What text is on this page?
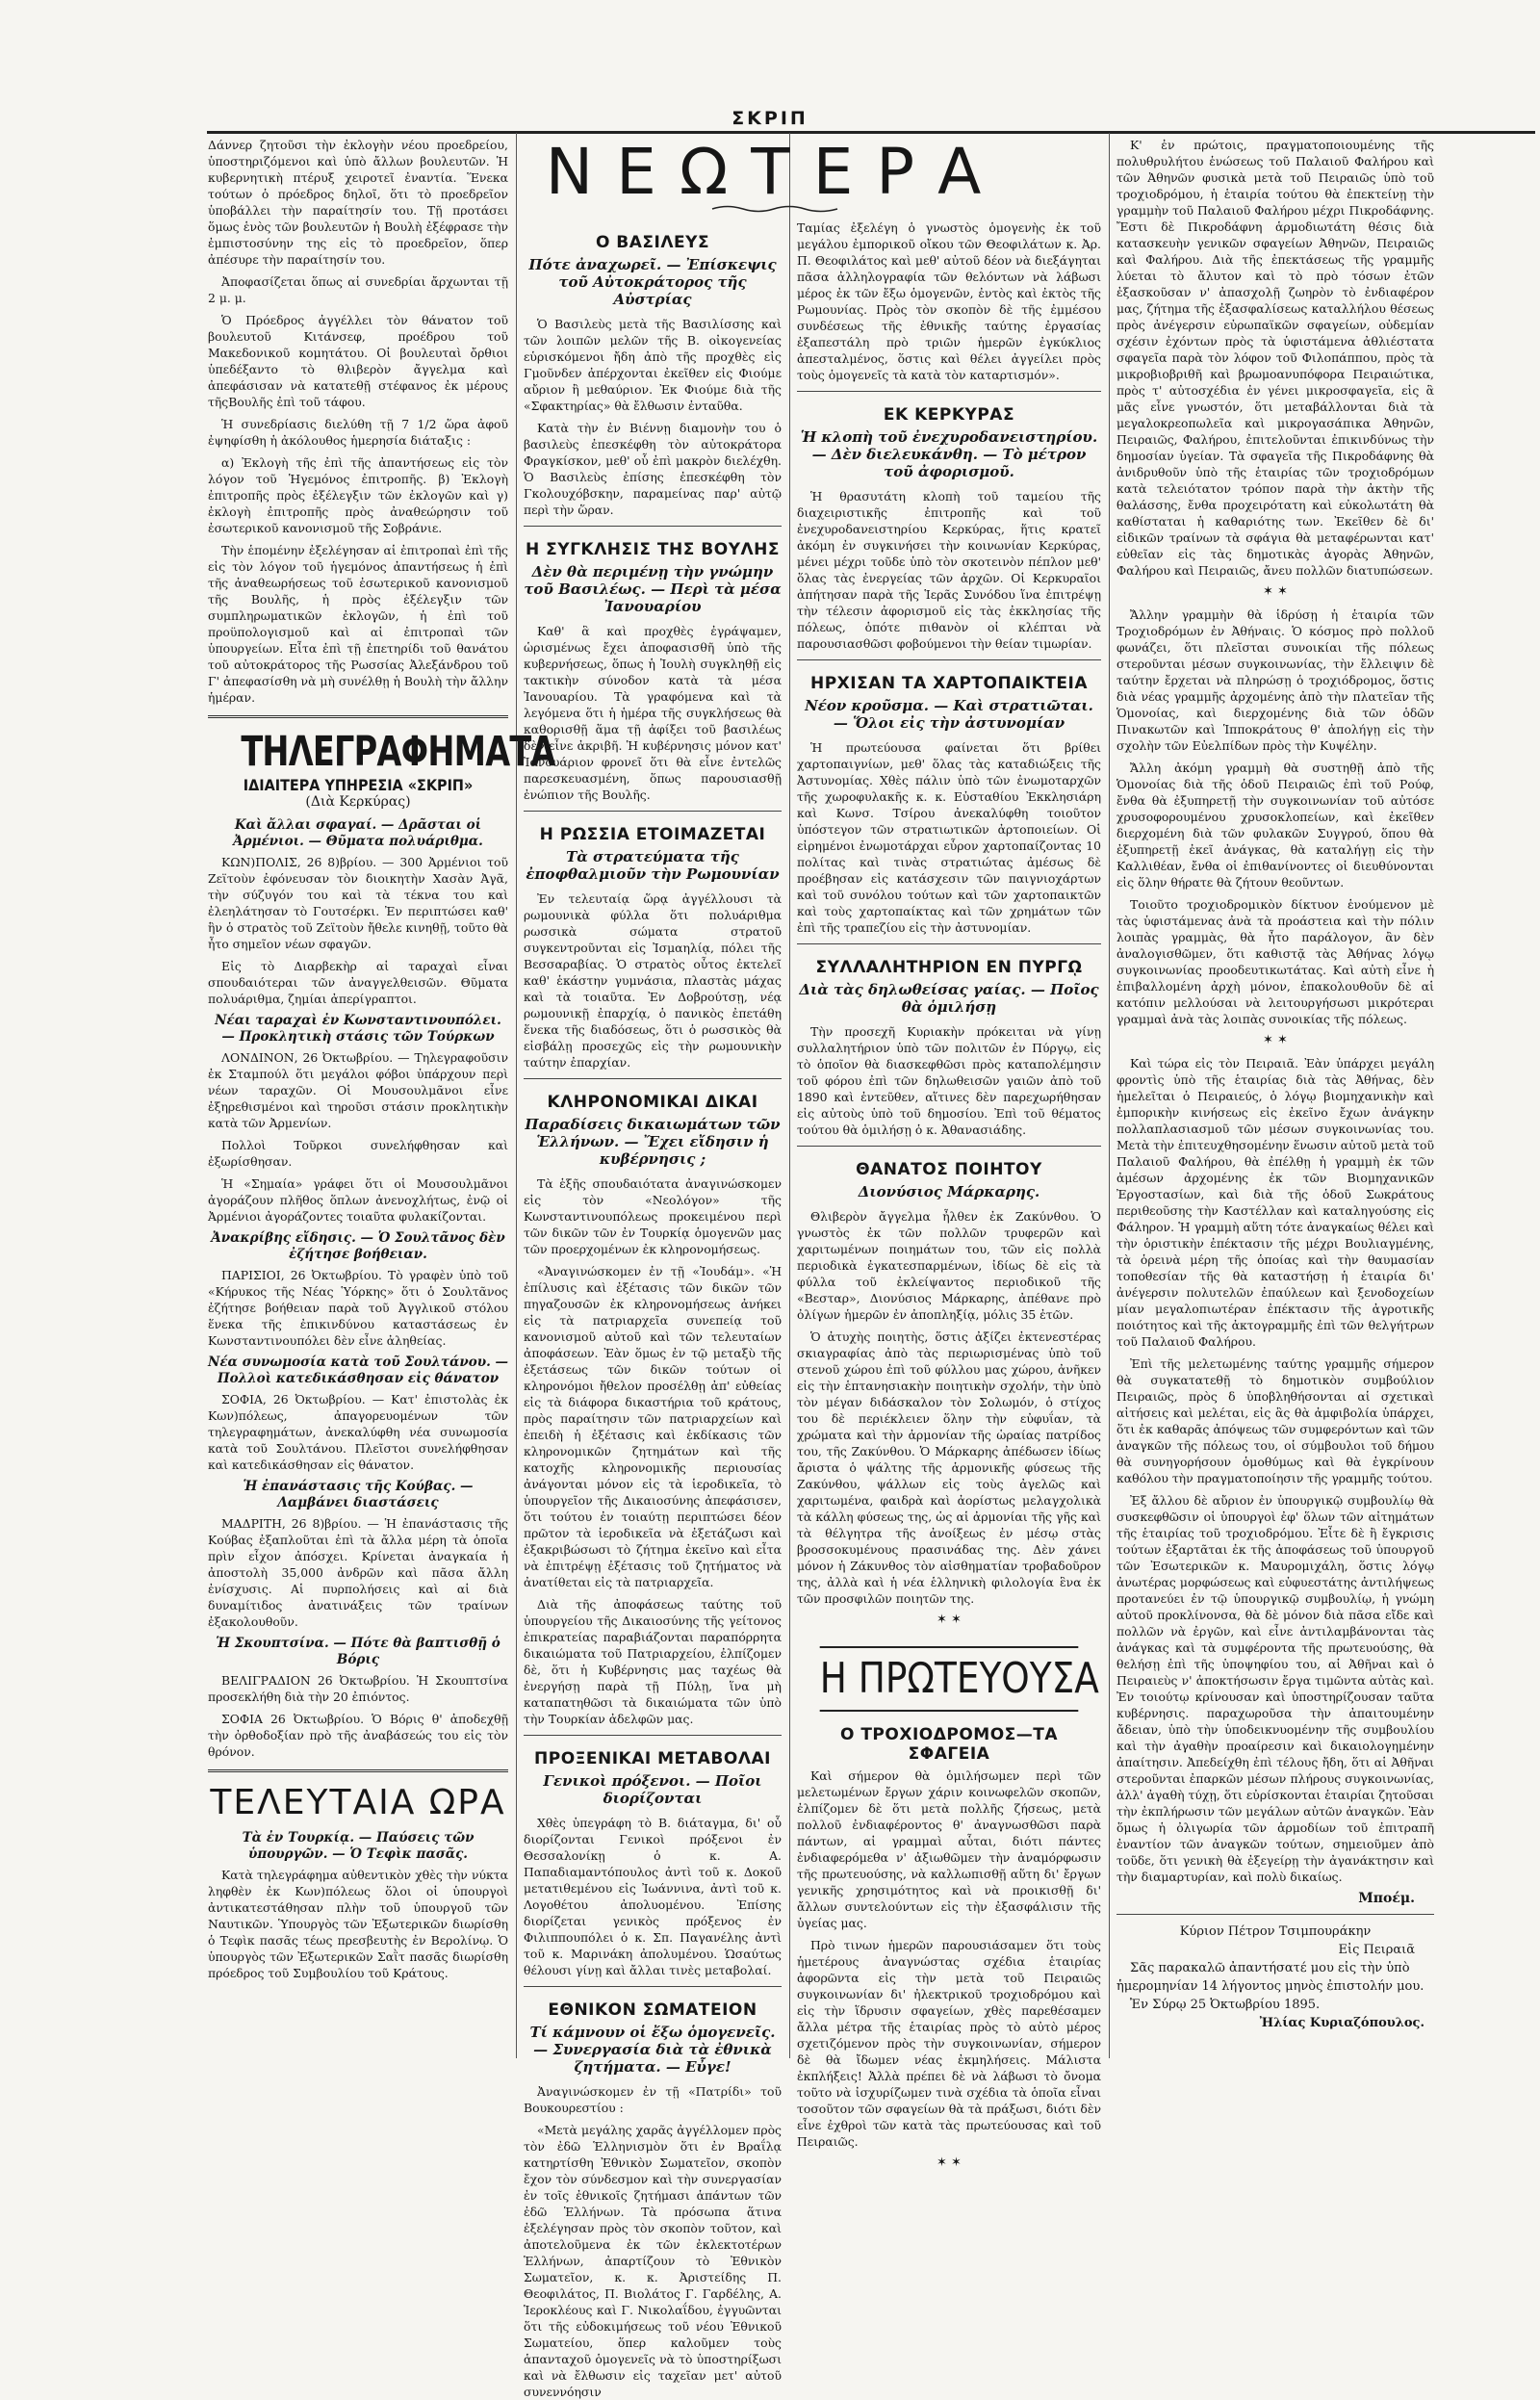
ΣΚΡΙΠ
ΝΕΩΤΕΡΑ

Δάννερ ζητοῦσι τὴν ἐκλογὴν νέου προεδρείου, ὑποστηριζόμενοι καὶ ὑπὸ ἄλλων βουλευτῶν. Ἡ κυβερνητικὴ πτέρυξ χειροτεῖ ἐναντία. Ἕνεκα τούτων ὁ πρόεδρος δηλοῖ, ὅτι τὸ προεδρεῖον ὑποβάλλει τὴν παραίτησίν του. Τῇ προτάσει ὅμως ἑνὸς τῶν βουλευτῶν ἡ Βουλὴ ἐξέφρασε τὴν ἐμπιστοσύνην της εἰς τὸ προεδρεῖον, ὅπερ ἀπέσυρε τὴν παραίτησίν του.

Ἀποφασίζεται ὅπως αἱ συνεδρίαι ἄρχωνται τῇ 2 μ. μ.

Ὁ Πρόεδρος ἀγγέλλει τὸν θάνατον τοῦ βουλευτοῦ Κιτάνσεφ, προέδρου τοῦ Μακεδονικοῦ κομητάτου. Οἱ βουλευταὶ ὄρθιοι ὑπεδέξαντο τὸ θλιβερὸν ἄγγελμα καὶ ἀπεφάσισαν νὰ κατατεθῇ στέφανος ἐκ μέρους τῆςΒουλῆς ἐπὶ τοῦ τάφου.

Ἡ συνεδρίασις διελύθη τῇ 7 1/2 ὥρα ἀφοῦ ἐψηφίσθη ἡ ἀκόλουθος ἡμερησία διάταξις :

α) Ἐκλογὴ τῆς ἐπὶ τῆς ἀπαντήσεως εἰς τὸν λόγον τοῦ Ἡγεμόνος ἐπιτροπῆς. β) Ἐκλογὴ ἐπιτροπῆς πρὸς ἐξέλεγξιν τῶν ἐκλογῶν καὶ γ) ἐκλογὴ ἐπιτροπῆς πρὸς ἀναθεώρησιν τοῦ ἐσωτερικοῦ κανονισμοῦ τῆς Σοβράνιε.

Τὴν ἑπομένην ἐξελέγησαν αἱ ἐπιτροπαὶ ἐπὶ τῆς εἰς τὸν λόγον τοῦ ἡγεμόνος ἀπαντήσεως ἡ ἐπὶ τῆς ἀναθεωρήσεως τοῦ ἐσωτερικοῦ κανονισμοῦ τῆς Βουλῆς, ἡ πρὸς ἐξέλεγξιν τῶν συμπληρωματικῶν ἐκλογῶν, ἡ ἐπὶ τοῦ προϋπολογισμοῦ καὶ αἱ ἐπιτροπαὶ τῶν ὑπουργείων. Εἶτα ἐπὶ τῇ ἐπετηρίδι τοῦ θανάτου τοῦ αὐτοκράτορος τῆς Ρωσσίας Ἀλεξάνδρου τοῦ Γ' ἀπεφασίσθη νὰ μὴ συνέλθῃ ἡ Βουλὴ τὴν ἄλλην ἡμέραν.

ΤΗΛΕΓΡΑΦΗΜΑΤΑ
ΙΔΙΑΙΤΕΡΑ ΥΠΗΡΕΣΙΑ «ΣΚΡΙΠ»
(Διὰ Κερκύρας)
Καὶ ἄλλαι σφαγαί. — Δρᾶσται οἱ Ἀρμένιοι. — Θῦματα πολυάριθμα.

ΚΩΝ)ΠΟΛΙΣ, 26 8)βρίου. — 300 Ἀρμένιοι τοῦ Ζεϊτοὺν ἐφόνευσαν τὸν διοικητὴν Χασὰν Ἀγᾶ, τὴν σύζυγόν του καὶ τὰ τέκνα του καὶ ἐλεηλάτησαν τὸ Γουτσέρκι. Ἐν περιπτώσει καθ' ἣν ὁ στρατὸς τοῦ Ζεϊτοὺν ἤθελε κινηθῇ, τοῦτο θὰ ἦτο σημεῖον νέων σφαγῶν.

Εἰς τὸ Διαρβεκὴρ αἱ ταραχαὶ εἶναι σπουδαιότεραι τῶν ἀναγγελθεισῶν. Θῦματα πολυάριθμα, ζημίαι ἀπερίγραπτοι.

Νέαι ταραχαὶ ἐν Κωνσταντινουπόλει. — Προκλητικὴ στάσις τῶν Τούρκων

ΛΟΝΔΙΝΟΝ, 26 Ὀκτωβρίου. — Τηλεγραφοῦσιν ἐκ Σταμπούλ ὅτι μεγάλοι φόβοι ὑπάρχουν περὶ νέων ταραχῶν. Οἱ Μουσουλμᾶνοι εἶνε ἐξηρεθισμένοι καὶ τηροῦσι στάσιν προκλητικὴν κατὰ τῶν Ἀρμενίων.

Πολλοὶ Τοῦρκοι συνελήφθησαν καὶ ἐξωρίσθησαν.

Ἡ «Σημαία» γράφει ὅτι οἱ Μουσουλμᾶνοι ἀγοράζουν πλῆθος ὅπλων ἀνενοχλήτως, ἐνῷ οἱ Ἀρμένιοι ἀγοράζοντες τοιαῦτα φυλακίζονται.

Ἀνακρίβης εἴδησις. — Ὁ Σουλτᾶνος δὲν ἐζήτησε βοήθειαν.

ΠΑΡΙΣΙΟΙ, 26 Ὀκτωβρίου. Τὸ γραφὲν ὑπὸ τοῦ «Κήρυκος τῆς Νέας Ὑόρκης» ὅτι ὁ Σουλτᾶνος ἐζήτησε βοήθειαν παρὰ τοῦ Ἀγγλικοῦ στόλου ἕνεκα τῆς ἐπικινδύνου καταστάσεως ἐν Κωνσταντινουπόλει δὲν εἶνε ἀληθείας.

Νέα συνωμοσία κατὰ τοῦ Σουλτάνου. — Πολλοὶ κατεδικάσθησαν εἰς θάνατον

ΣΟΦΙΑ, 26 Ὀκτωβρίου. — Κατ' ἐπιστολὰς ἐκ Κων)πόλεως, ἀπαγορευομένων τῶν τηλεγραφημάτων, ἀνεκαλύφθη νέα συνωμοσία κατὰ τοῦ Σουλτάνου. Πλεῖστοι συνελήφθησαν καὶ κατεδικάσθησαν εἰς θάνατον.

Ἡ ἐπανάστασις τῆς Κούβας. — Λαμβάνει διαστάσεις

ΜΑΔΡΙΤΗ, 26 8)βρίου. — Ἡ ἐπανάστασις τῆς Κούβας ἐξαπλοῦται ἐπὶ τὰ ἄλλα μέρη τὰ ὁποῖα πρὶν εἶχον ἀπόσχει. Κρίνεται ἀναγκαία ἡ ἀποστολὴ 35,000 ἀνδρῶν καὶ πᾶσα ἄλλη ἐνίσχυσις. Αἱ πυρπολήσεις καὶ αἱ διὰ δυναμίτιδος ἀνατινάξεις τῶν τραίνων ἐξακολουθοῦν.

Ἡ Σκουπτσίνα. — Πότε θὰ βαπτισθῇ ὁ Βόρις

ΒΕΛΙΓΡΑΔΙΟΝ 26 Ὀκτωβρίου. Ἡ Σκουπτσίνα προσεκλήθη διὰ τὴν 20 ἐπιόντος.

ΣΟΦΙΑ 26 Ὀκτωβρίου. Ὁ Βόρις θ' ἀποδεχθῇ τὴν ὀρθοδοξίαν πρὸ τῆς ἀναβάσεώς του εἰς τὸν θρόνον.

ΤΕΛΕΥΤΑΙΑ ΩΡΑ
Τὰ ἐν Τουρκίᾳ. — Παύσεις τῶν ὑπουργῶν. — Ὁ Τεφὶκ πασᾶς.

Κατὰ τηλεγράφημα αὐθεντικὸν χθὲς τὴν νύκτα ληφθὲν ἐκ Κων)πόλεως ὅλοι οἱ ὑπουργοὶ ἀντικατεστάθησαν πλὴν τοῦ ὑπουργοῦ τῶν Ναυτικῶν. Ὑπουργὸς τῶν Ἐξωτερικῶν διωρίσθη ὁ Τεφὶκ πασᾶς τέως πρεσβευτὴς ἐν Βερολίνῳ. Ὁ ὑπουργὸς τῶν Ἐξωτερικῶν Σαῒτ πασᾶς διωρίσθη πρόεδρος τοῦ Συμβουλίου τοῦ Κράτους.

Ο ΒΑΣΙΛΕΥΣ
Πότε ἀναχωρεῖ. — Ἐπίσκεψις τοῦ Αὐτοκράτορος τῆς Αὐστρίας

Ὁ Βασιλεὺς μετὰ τῆς Βασιλίσσης καὶ τῶν λοιπῶν μελῶν τῆς Β. οἰκογενείας εὑρισκόμενοι ἤδη ἀπὸ τῆς προχθὲς εἰς Γμοῦνδεν ἀπέρχονται ἐκεῖθεν εἰς Φιούμε αὔριον ἢ μεθαύριον. Ἐκ Φιούμε διὰ τῆς «Σφακτηρίας» θὰ ἔλθωσιν ἐνταῦθα.

Κατὰ τὴν ἐν Βιέννῃ διαμονὴν του ὁ βασιλεὺς ἐπεσκέφθη τὸν αὐτοκράτορα Φραγκίσκον, μεθ' οὗ ἐπὶ μακρὸν διελέχθη. Ὁ Βασιλεὺς ἐπίσης ἐπεσκέφθη τὸν Γκολουχόβσκην, παραμείνας παρ' αὐτῷ περὶ τὴν ὥραν.

Η ΣΥΓΚΛΗΣΙΣ ΤΗΣ ΒΟΥΛΗΣ
Δὲν θὰ περιμένῃ τὴν γνώμην τοῦ Βασιλέως. — Περὶ τὰ μέσα Ἰανουαρίου

Καθ' ἃ καὶ προχθὲς ἐγράψαμεν, ὡρισμένως ἔχει ἀποφασισθῆ ὑπὸ τῆς κυβερνήσεως, ὅπως ἡ Ἰουλὴ συγκληθῇ εἰς τακτικὴν σύνοδον κατὰ τὰ μέσα Ἰανουαρίου. Τὰ γραφόμενα καὶ τὰ λεγόμενα ὅτι ἡ ἡμέρα τῆς συγκλήσεως θὰ καθορισθῇ ἅμα τῇ ἀφίξει τοῦ βασιλέως δὲν εἶνε ἀκριβῆ. Ἡ κυβέρνησις μόνον κατ' Ἰανουάριον φρονεῖ ὅτι θὰ εἶνε ἐντελῶς παρεσκευασμένη, ὅπως παρουσιασθῇ ἐνώπιον τῆς Βουλῆς.

Η ΡΩΣΣΙΑ ΕΤΟΙΜΑΖΕΤΑΙ
Τὰ στρατεύματα τῆς ἐποφθαλμιοῦν τὴν Ρωμουνίαν

Ἐν τελευταίᾳ ὥρᾳ ἀγγέλλουσι τὰ ρωμουνικὰ φύλλα ὅτι πολυάριθμα ρωσσικὰ σώματα στρατοῦ συγκεντροῦνται εἰς Ἰσμαηλίᾳ, πόλει τῆς Βεσσαραβίας. Ὁ στρατὸς οὗτος ἐκτελεῖ καθ' ἑκάστην γυμνάσια, πλαστὰς μάχας καὶ τὰ τοιαῦτα. Ἐν Δοβρούτσῃ, νέᾳ ρωμουνικῇ ἐπαρχίᾳ, ὁ πανικὸς ἐπετάθη ἕνεκα τῆς διαδόσεως, ὅτι ὁ ρωσσικὸς θὰ εἰσβάλῃ προσεχῶς εἰς τὴν ρωμουνικὴν ταύτην ἐπαρχίαν.

ΚΛΗΡΟΝΟΜΙΚΑΙ ΔΙΚΑΙ
Παραδίσεις δικαιωμάτων τῶν Ἑλλήνων. — Ἔχει εἴδησιν ἡ κυβέρνησις ;

Τὰ ἑξῆς σπουδαιότατα ἀναγινώσκομεν εἰς τὸν «Νεολόγον» τῆς Κωνσταντινουπόλεως προκειμένου περὶ τῶν δικῶν τῶν ἐν Τουρκίᾳ ὁμογενῶν μας τῶν προερχομένων ἐκ κληρονομήσεως.

«Ἀναγινώσκομεν ἐν τῇ «Ἰουδάμ». «Ἡ ἐπίλυσις καὶ ἐξέτασις τῶν δικῶν τῶν πηγαζουσῶν ἐκ κληρονομήσεως ἀνήκει εἰς τὰ πατριαρχεῖα συνεπείᾳ τοῦ κανονισμοῦ αὐτοῦ καὶ τῶν τελευταίων ἀποφάσεων. Ἐὰν ὅμως ἐν τῷ μεταξὺ τῆς ἐξετάσεως τῶν δικῶν τούτων οἱ κληρονόμοι ἤθελον προσέλθῃ ἀπ' εὐθείας εἰς τὰ διάφορα δικαστήρια τοῦ κράτους, πρὸς παραίτησιν τῶν πατριαρχείων καὶ ἐπειδὴ ἡ ἐξέτασις καὶ ἐκδίκασις τῶν κληρονομικῶν ζητημάτων καὶ τῆς κατοχῆς κληρονομικῆς περιουσίας ἀνάγονται μόνον εἰς τὰ ἱεροδικεῖα, τὸ ὑπουργεῖον τῆς Δικαιοσύνης ἀπεφάσισεν, ὅτι τούτου ἐν τοιαύτῃ περιπτώσει δέον πρῶτον τὰ ἱεροδικεῖα νὰ ἐξετάζωσι καὶ ἐξακριβώσωσι τὸ ζήτημα ἐκεῖνο καὶ εἶτα νὰ ἐπιτρέψῃ ἐξέτασις τοῦ ζητήματος νὰ ἀνατίθεται εἰς τὰ πατριαρχεῖα.

Διὰ τῆς ἀποφάσεως ταύτης τοῦ ὑπουργείου τῆς Δικαιοσύνης τῆς γείτονος ἐπικρατείας παραβιάζονται παραπόρρητα δικαιώματα τοῦ Πατριαρχείου, ἐλπίζομεν δὲ, ὅτι ἡ Κυβέρνησις μας ταχέως θὰ ἐνεργήσῃ παρὰ τῇ Πύλῃ, ἵνα μὴ καταπατηθῶσι τὰ δικαιώματα τῶν ὑπὸ τὴν Τουρκίαν ἀδελφῶν μας.

ΠΡΟΞΕΝΙΚΑΙ ΜΕΤΑΒΟΛΑΙ
Γενικοὶ πρόξενοι. — Ποῖοι διορίζονται

Χθὲς ὑπεγράφη τὸ Β. διάταγμα, δι' οὗ διορίζονται Γενικοὶ πρόξενοι ἐν Θεσσαλονίκῃ ὁ κ. Α. Παπαδιαμαντόπουλος ἀντὶ τοῦ κ. Δοκοῦ μετατιθεμένου εἰς Ἰωάννινα, ἀντὶ τοῦ κ. Λογοθέτου ἀπολυομένου. Ἐπίσης διορίζεται γενικὸς πρόξενος ἐν Φιλιππουπόλει ὁ κ. Σπ. Παγανέλης ἀντὶ τοῦ κ. Μαρινάκη ἀπολυμένου. Ὡσαύτως θέλουσι γίνῃ καὶ ἄλλαι τινὲς μεταβολαί.

ΕΘΝΙΚΟΝ ΣΩΜΑΤΕΙΟΝ
Τί κάμνουν οἱ ἔξω ὁμογενεῖς. — Συνεργασία διὰ τὰ ἐθνικὰ ζητήματα. — Εὖγε!

Ἀναγινώσκομεν ἐν τῇ «Πατρίδι» τοῦ Βουκουρεστίου :

«Μετὰ μεγάλης χαρᾶς ἀγγέλλομεν πρὸς τὸν ἐδῶ Ἑλληνισμὸν ὅτι ἐν Βραΐλᾳ κατηρτίσθη Ἐθνικὸν Σωματεῖον, σκοπὸν ἔχον τὸν σύνδεσμον καὶ τὴν συνεργασίαν ἐν τοῖς ἐθνικοῖς ζητήμασι ἁπάντων τῶν ἐδῶ Ἑλλήνων. Τὰ πρόσωπα ἅτινα ἐξελέγησαν πρὸς τὸν σκοπὸν τοῦτον, καὶ ἀποτελοῦμενα ἐκ τῶν ἐκλεκτοτέρων Ἑλλήνων, ἀπαρτίζουν τὸ Ἐθνικὸν Σωματεῖον, κ. κ. Ἀριστείδης Π. Θεοφιλάτος, Π. Βιολάτος Γ. Γαρδέλης, Α. Ἱεροκλέους καὶ Γ. Νικολαΐδου, ἐγγυῶνται ὅτι τῆς εὐδοκιμήσεως τοῦ νέου Ἐθνικοῦ Σωματείου, ὅπερ καλοῦμεν τοὺς ἁπανταχοῦ ὁμογενεῖς νὰ τὸ ὑποστηρίξωσι καὶ νὰ ἔλθωσιν εἰς ταχεῖαν μετ' αὐτοῦ συνεννόησιν

Ταμίας ἐξελέγη ὁ γνωστὸς ὁμογενὴς ἐκ τοῦ μεγάλου ἐμπορικοῦ οἴκου τῶν Θεοφιλάτων κ. Ἀρ. Π. Θεοφιλάτος καὶ μεθ' αὐτοῦ δέον νὰ διεξάγηται πᾶσα ἀλληλογραφία τῶν θελόντων νὰ λάβωσι μέρος ἐκ τῶν ἔξω ὁμογενῶν, ἐντὸς καὶ ἐκτὸς τῆς Ρωμουνίας. Πρὸς τὸν σκοπὸν δὲ τῆς ἐμμέσου συνδέσεως τῆς ἐθνικῆς ταύτης ἐργασίας ἐξαπεστάλη πρὸ τριῶν ἡμερῶν ἐγκύκλιος ἀπεσταλμένος, ὅστις καὶ θέλει ἀγγείλει πρὸς τοὺς ὁμογενεῖς τὰ κατὰ τὸν καταρτισμόν».

ΕΚ ΚΕΡΚΥΡΑΣ
Ἡ κλοπὴ τοῦ ἐνεχυροδανειστηρίου. — Δὲν διελευκάνθη. — Τὸ μέτρον τοῦ ἀφορισμοῦ.

Ἡ θρασυτάτη κλοπὴ τοῦ ταμείου τῆς διαχειριστικῆς ἐπιτροπῆς καὶ τοῦ ἐνεχυροδανειστηρίου Κερκύρας, ἥτις κρατεῖ ἀκόμη ἐν συγκινήσει τὴν κοινωνίαν Κερκύρας, μένει μέχρι τοῦδε ὑπὸ τὸν σκοτεινὸν πέπλον μεθ' ὅλας τὰς ἐνεργείας τῶν ἀρχῶν. Οἱ Κερκυραῖοι ἀπήτησαν παρὰ τῆς Ἱερᾶς Συνόδου ἵνα ἐπιτρέψῃ τὴν τέλεσιν ἀφορισμοῦ εἰς τὰς ἐκκλησίας τῆς πόλεως, ὁπότε πιθανὸν οἱ κλέπται νὰ παρουσιασθῶσι φοβούμενοι τὴν θείαν τιμωρίαν.

ΗΡΧΙΣΑΝ ΤΑ ΧΑΡΤΟΠΑΙΚΤΕΙΑ
Νέον κροῦσμα. — Καὶ στρατιῶται. — Ὅλοι εἰς τὴν ἀστυνομίαν

Ἡ πρωτεύουσα φαίνεται ὅτι βρίθει χαρτοπαιγνίων, μεθ' ὅλας τὰς καταδιώξεις τῆς Ἀστυνομίας. Χθὲς πάλιν ὑπὸ τῶν ἐνωμοταρχῶν τῆς χωροφυλακῆς κ. κ. Εὐσταθίου Ἐκκλησιάρη καὶ Κωνσ. Τσίρου ἀνεκαλύφθη τοιοῦτον ὑπόστεγον τῶν στρατιωτικῶν ἀρτοποιείων. Οἱ εἰρημένοι ἐνωμοτάρχαι εὗρον χαρτοπαίζοντας 10 πολίτας καὶ τινὰς στρατιώτας ἀμέσως δὲ προέβησαν εἰς κατάσχεσιν τῶν παιγνιοχάρτων καὶ τοῦ συνόλου τούτων καὶ τῶν χαρτοπαικτῶν καὶ τοὺς χαρτοπαίκτας καὶ τῶν χρημάτων τῶν ἐπὶ τῆς τραπεζίου εἰς τὴν ἀστυνομίαν.

ΣΥΛΛΑΛΗΤΗΡΙΟΝ ΕΝ ΠΥΡΓῼ
Διὰ τὰς δηλωθείσας γαίας. — Ποῖος θὰ ὁμιλήσῃ

Τὴν προσεχῆ Κυριακὴν πρόκειται νὰ γίνῃ συλλαλητήριον ὑπὸ τῶν πολιτῶν ἐν Πύργῳ, εἰς τὸ ὁποῖον θὰ διασκεφθῶσι πρὸς καταπολέμησιν τοῦ φόρου ἐπὶ τῶν δηλωθεισῶν γαιῶν ἀπὸ τοῦ 1890 καὶ ἐντεῦθεν, αἵτινες δὲν παρεχωρήθησαν εἰς αὐτοὺς ὑπὸ τοῦ δημοσίου. Ἐπὶ τοῦ θέματος τούτου θὰ ὁμιλήσῃ ὁ κ. Ἀθανασιάδης.

ΘΑΝΑΤΟΣ ΠΟΙΗΤΟΥ
Διονύσιος Μάρκαρης.

Θλιβερὸν ἄγγελμα ἦλθεν ἐκ Ζακύνθου. Ὁ γνωστὸς ἐκ τῶν πολλῶν τρυφερῶν καὶ χαριτωμένων ποιημάτων του, τῶν εἰς πολλὰ περιοδικὰ ἐγκατεσπαρμένων, ἰδίως δὲ εἰς τὰ φύλλα τοῦ ἐκλείψαντος περιοδικοῦ τῆς «Βεσταρ», Διονύσιος Μάρκαρης, ἀπέθανε πρὸ ὀλίγων ἡμερῶν ἐν ἀποπληξίᾳ, μόλις 35 ἐτῶν.

Ὁ ἀτυχὴς ποιητὴς, ὅστις ἀξίζει ἐκτενεστέρας σκιαγραφίας ἀπὸ τὰς περιωρισμένας ὑπὸ τοῦ στενοῦ χώρου ἐπὶ τοῦ φύλλου μας χώρου, ἀνῆκεν εἰς τὴν ἑπτανησιακὴν ποιητικὴν σχολήν, τὴν ὑπὸ τὸν μέγαν διδάσκαλον τὸν Σολωμόν, ὁ στίχος του δὲ περιέκλειεν ὅλην τὴν εὐφυΐαν, τὰ χρώματα καὶ τὴν ἁρμονίαν τῆς ὡραίας πατρίδος του, τῆς Ζακύνθου. Ὁ Μάρκαρης ἀπέδωσεν ἰδίως ἄριστα ὁ ψάλτης τῆς ἁρμονικῆς φύσεως τῆς Ζακύνθου, ψάλλων εἰς τοὺς ἀγελῶς καὶ χαριτωμένα, φαιδρὰ καὶ ἀορίστως μελαγχολικὰ τὰ κάλλη φύσεως της, ὡς αἱ ἀρμονίαι τῆς γῆς καὶ τὰ θέλγητρα τῆς ἀνοίξεως ἐν μέσῳ στὰς βροσσοκυμένους πρασινάδας της. Δὲν χάνει μόνον ἡ Ζάκυνθος τὸν αἰσθηματίαν τροβαδοῦρον της, ἀλλὰ καὶ ἡ νέα ἑλληνικὴ φιλολογία ἓνα ἐκ τῶν προσφιλῶν ποιητῶν της.

✶ ✶
Η ΠΡΩΤΕΥΟΥΣΑ
Ο ΤΡΟΧΙΟΔΡΟΜΟΣ—ΤΑ ΣΦΑΓΕΙΑ

Καὶ σήμερον θὰ ὁμιλήσωμεν περὶ τῶν μελετωμένων ἔργων χάριν κοινωφελῶν σκοπῶν, ἐλπίζομεν δὲ ὅτι μετὰ πολλῆς ζήσεως, μετὰ πολλοῦ ἐνδιαφέροντος θ' ἀναγνωσθῶσι παρὰ πάντων, αἱ γραμμαὶ αὗται, διότι πάντες ἐνδιαφερόμεθα ν' ἀξιωθῶμεν τὴν ἀναμόρφωσιν τῆς πρωτευούσης, νὰ καλλωπισθῇ αὕτη δι' ἔργων γενικῆς χρησιμότητος καὶ νὰ προικισθῇ δι' ἄλλων συντελούντων εἰς τὴν ἐξασφάλισιν τῆς ὑγείας μας.

Πρὸ τινων ἡμερῶν παρουσιάσαμεν ὅτι τοὺς ἡμετέρους ἀναγνώστας σχέδια ἑταιρίας ἀφορῶντα εἰς τὴν μετὰ τοῦ Πειραιῶς συγκοινωνίαν δι' ἠλεκτρικοῦ τροχιοδρόμου καὶ εἰς τὴν ἵδρυσιν σφαγείων, χθὲς παρεθέσαμεν ἄλλα μέτρα τῆς ἑταιρίας πρὸς τὸ αὐτὸ μέρος σχετιζόμενον πρὸς τὴν συγκοινωνίαν, σήμερον δὲ θὰ ἴδωμεν νέας ἐκμηλήσεις. Μάλιστα ἐκπλήξεις! Ἀλλὰ πρέπει δὲ νὰ λάβωσι τὸ ὄνομα τοῦτο νὰ ἰσχυρίζωμεν τινὰ σχέδια τὰ ὁποῖα εἶναι τοσοῦτον τῶν σφαγείων θὰ τὰ πράξωσι, διότι δὲν εἶνε ἐχθροὶ τῶν κατὰ τὰς πρωτεύουσας καὶ τοῦ Πειραιῶς.

✶ ✶

Κ' ἐν πρώτοις, πραγματοποιουμένης τῆς πολυθρυλήτου ἑνώσεως τοῦ Παλαιοῦ Φαλήρου καὶ τῶν Ἀθηνῶν φυσικὰ μετὰ τοῦ Πειραιῶς ὑπὸ τοῦ τροχιοδρόμου, ἡ ἑταιρία τούτου θὰ ἐπεκτείνῃ τὴν γραμμὴν τοῦ Παλαιοῦ Φαλήρου μέχρι Πικροδάφνης. Ἔστι δὲ Πικροδάφνη ἁρμοδιωτάτη θέσις διὰ κατασκευὴν γενικῶν σφαγείων Ἀθηνῶν, Πειραιῶς καὶ Φαλήρου. Διὰ τῆς ἐπεκτάσεως τῆς γραμμῆς λύεται τὸ ἄλυτον καὶ τὸ πρὸ τόσων ἐτῶν ἐξασκοῦσαν ν' ἀπασχολῇ ζωηρὸν τὸ ἐνδιαφέρον μας, ζήτημα τῆς ἐξασφαλίσεως καταλλήλου θέσεως πρὸς ἀνέγερσιν εὐρωπαϊκῶν σφαγείων, οὐδεμίαν σχέσιν ἐχόντων πρὸς τὰ ὑφιστάμενα ἀθλιέστατα σφαγεῖα παρὰ τὸν λόφον τοῦ Φιλοπάππου, πρὸς τὰ μικροβιοβριθῆ καὶ βρωμοανυπόφορα Πειραιώτικα, πρὸς τ' αὐτοσχέδια ἐν γένει μικροσφαγεῖα, εἰς ἃ μᾶς εἶνε γνωστόν, ὅτι μεταβάλλονται διὰ τὰ μεγαλοκρεοπωλεῖα καὶ μικρογασάπικα Ἀθηνῶν, Πειραιῶς, Φαλήρου, ἐπιτελοῦνται ἐπικινδύνως τὴν δημοσίαν ὑγείαν. Τὰ σφαγεῖα τῆς Πικροδάφνης θὰ ἀνιδρυθοῦν ὑπὸ τῆς ἑταιρίας τῶν τροχιοδρόμων κατὰ τελειότατον τρόπον παρὰ τὴν ἀκτὴν τῆς θαλάσσης, ἔνθα προχειρότατη καὶ εὐκολωτάτη θὰ καθίσταται ἡ καθαριότης των. Ἐκεῖθεν δὲ δι' εἰδικῶν τραίνων τὰ σφάγια θὰ μεταφέρωνται κατ' εὐθεῖαν εἰς τὰς δημοτικὰς ἀγορὰς Ἀθηνῶν, Φαλήρου καὶ Πειραιῶς, ἄνευ πολλῶν διατυπώσεων.

✶ ✶

Ἄλλην γραμμὴν θὰ ἱδρύσῃ ἡ ἑταιρία τῶν Τροχιοδρόμων ἐν Ἀθήναις. Ὁ κόσμος πρὸ πολλοῦ φωνάζει, ὅτι πλεῖσται συνοικίαι τῆς πόλεως στεροῦνται μέσων συγκοινωνίας, τὴν ἔλλειψιν δὲ ταύτην ἔρχεται νὰ πληρώσῃ ὁ τροχιόδρομος, ὅστις διὰ νέας γραμμῆς ἀρχομένης ἀπὸ τὴν πλατεῖαν τῆς Ὁμονοίας, καὶ διερχομένης διὰ τῶν ὁδῶν Πινακωτῶν καὶ Ἱπποκράτους θ' ἀπολήγῃ εἰς τὴν σχολὴν τῶν Εὐελπίδων πρὸς τὴν Κυψέλην.

Ἄλλη ἀκόμη γραμμὴ θὰ συστηθῇ ἀπὸ τῆς Ὁμονοίας διὰ τῆς ὁδοῦ Πειραιῶς ἐπὶ τοῦ Ρούφ, ἔνθα θὰ ἐξυπηρετῇ τὴν συγκοινωνίαν τοῦ αὐτόσε χρυσοφορουμένου χρυσοκλοπείων, καὶ ἐκεῖθεν διερχομένη διὰ τῶν φυλακῶν Συγγρού, ὅπου θὰ ἐξυπηρετῇ ἐκεῖ ἀνάγκας, θὰ καταλήγῃ εἰς τὴν Καλλιθέαν, ἔνθα οἱ ἐπιθανίνοντες οἱ διευθύνονται εἰς ὅλην θήρατε θὰ ζήτουν θεοῦντων.

Τοιοῦτο τροχιοδρομικὸν δίκτυον ἑνούμενον μὲ τὰς ὑφιστάμενας ἀνὰ τὰ προάστεια καὶ τὴν πόλιν λοιπὰς γραμμὰς, θὰ ἦτο παράλογον, ἂν δὲν ἀναλογισθῶμεν, ὅτι καθιστᾷ τὰς Ἀθήνας λόγῳ συγκοινωνίας προοδευτικωτάτας. Καὶ αὐτὴ εἶνε ἡ ἐπιβαλλομένη ἀρχὴ μόνον, ἐπακολουθοῦν δὲ αἱ κατόπιν μελλούσαι νὰ λειτουργήσωσι μικρότεραι γραμμαὶ ἀνὰ τὰς λοιπὰς συνοικίας τῆς πόλεως.

✶ ✶

Καὶ τώρα εἰς τὸν Πειραιᾶ. Ἐὰν ὑπάρχει μεγάλη φροντὶς ὑπὸ τῆς ἑταιρίας διὰ τὰς Ἀθήνας, δὲν ἠμελεῖται ὁ Πειραιεύς, ὁ λόγῳ βιομηχανικὴν καὶ ἐμπορικὴν κινήσεως εἰς ἐκεῖνο ἔχων ἀνάγκην πολλαπλασιασμοῦ τῶν μέσων συγκοινωνίας του. Μετὰ τὴν ἐπιτευχθησομένην ἕνωσιν αὐτοῦ μετὰ τοῦ Παλαιοῦ Φαλήρου, θὰ ἐπέλθῃ ἡ γραμμὴ ἐκ τῶν ἀμέσων ἀρχομένης ἐκ τῶν Βιομηχανικῶν Ἐργοστασίων, καὶ διὰ τῆς ὁδοῦ Σωκράτους περιθεοῦσης τὴν Καστέλλαν καὶ καταληγούσης εἰς Φάληρον. Ἡ γραμμὴ αὕτη τότε ἀναγκαίως θέλει καὶ τὴν ὁριστικὴν ἐπέκτασιν τῆς μέχρι Βουλιαγμένης, τὰ ὁρεινὰ μέρη τῆς ὁποίας καὶ τὴν θαυμασίαν τοποθεσίαν τῆς θὰ καταστήσῃ ἡ ἑταιρία δι' ἀνέγερσιν πολυτελῶν ἐπαύλεων καὶ ξενοδοχείων μίαν μεγαλοπιωτέραν ἐπέκτασιν τῆς ἀγροτικῆς ποιότητος καὶ τῆς ἀκτογραμμῆς ἐπὶ τῶν θελγήτρων τοῦ Παλαιοῦ Φαλήρου.

Ἐπὶ τῆς μελετωμένης ταύτης γραμμῆς σήμερον θὰ συγκατατεθῇ τὸ δημοτικὸν συμβούλιον Πειραιῶς, πρὸς δ ὑποβληθήσονται αἱ σχετικαὶ αἰτήσεις καὶ μελέται, εἰς ἃς θὰ ἀμφιβολία ὑπάρχει, ὅτι ἐκ καθαρᾶς ἀπόψεως τῶν συμφερόντων καὶ τῶν ἀναγκῶν τῆς πόλεως του, οἱ σύμβουλοι τοῦ δήμου θὰ συνηγορήσουν ὁμοθύμως καὶ θὰ ἐγκρίνουν καθόλου τὴν πραγματοποίησιν τῆς γραμμῆς τούτου.

Ἐξ ἄλλου δὲ αὔριον ἐν ὑπουργικῷ συμβουλίῳ θὰ συσκεφθῶσιν οἱ ὑπουργοὶ ἐφ' ὅλων τῶν αἰτημάτων τῆς ἑταιρίας τοῦ τροχιοδρόμου. Ἐἶτε δὲ ἢ ἔγκρισις τούτων ἐξαρτᾶται ἐκ τῆς ἀποφάσεως τοῦ ὑπουργοῦ τῶν Ἐσωτερικῶν κ. Μαυρομιχάλη, ὅστις λόγῳ ἀνωτέρας μορφώσεως καὶ εὐφυεστάτης ἀντιλήψεως προτανεύει ἐν τῷ ὑπουργικῷ συμβουλίῳ, ἡ γνώμη αὐτοῦ προκλίνονσα, θὰ δὲ μόνον διὰ πᾶσα εἴδε καὶ πολλῶν νὰ ἐργῶν, καὶ εἶνε ἀντιλαμβάνονται τὰς ἀνάγκας καὶ τὰ συμφέροντα τῆς πρωτευούσης, θὰ θελήσῃ ἐπὶ τῆς ὑποψηφίου του, αἱ Ἀθῆναι καὶ ὁ Πειραιεὺς ν' ἀποκτήσωσιν ἔργα τιμῶντα αὐτὰς καὶ. Ἐν τοιούτῳ κρίνουσαν καὶ ὑποστηρίζουσαν ταῦτα κυβέρνησις. παραχωροῦσα τὴν ἀπαιτουμένην ἄδειαν, ὑπὸ τὴν ὑποδεικνυομένην τῆς συμβουλίου καὶ τὴν ἀγαθὴν προαίρεσιν καὶ δικαιολογημένην ἀπαίτησιν. Ἀπεδείχθη ἐπὶ τέλους ἤδη, ὅτι αἱ Ἀθῆναι στεροῦνται ἐπαρκῶν μέσων πλήρους συγκοινωνίας, ἀλλ' ἀγαθὴ τύχῃ, ὅτι εὐρίσκονται ἑταιρίαι ζητοῦσαι τὴν ἐκπλήρωσιν τῶν μεγάλων αὐτῶν ἀναγκῶν. Ἐὰν ὅμως ἡ ὀλιγωρία τῶν ἁρμοδίων τοῦ ἐπιτραπῆ ἐναντίον τῶν ἀναγκῶν τούτων, σημειοῦμεν ἀπὸ τοῦδε, ὅτι γενικὴ θὰ ἐξεγείρῃ τὴν ἀγανάκτησιν καὶ τὴν διαμαρτυρίαν, καὶ πολὺ δικαίως.

Μποέμ.

Κύριον Πέτρον Τσιμπουράκην

Εἰς Πειραιᾶ

Σᾶς παρακαλῶ ἀπαντήσατέ μου εἰς τὴν ὑπὸ ἡμερομηνίαν 14 λήγοντος μηνὸς ἐπιστολήν μου.

Ἐν Σύρῳ 25 Ὀκτωβρίου 1895.

Ἠλίας Κυριαζόπουλος.
